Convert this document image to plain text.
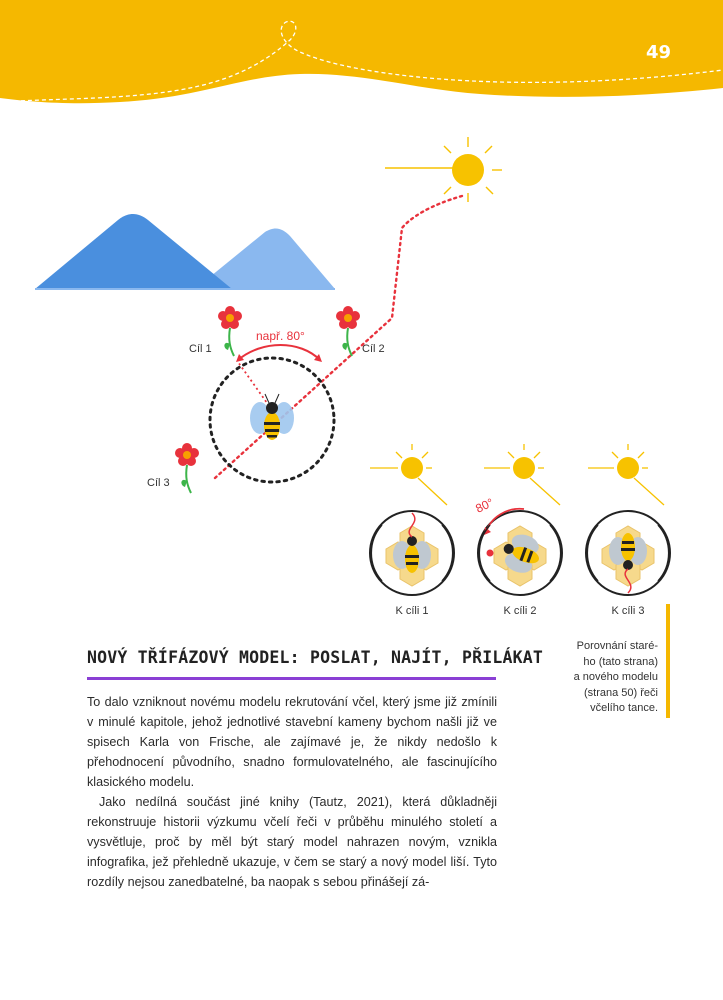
49
např. 80°
Cíl 1	Cíl 2
Cíl 3
80°
K cíli 1	K cíli 2	K cíli 3
Porovnání staré-
ho (tato strana)
a nového modelu
(strana 50) řeči
včelího tance.
NOVÝ TŘÍFÁZOVÝ MODEL: POSLAT, NAJÍT, PŘILÁKAT

To dalo vzniknout novému modelu rekrutování včel, který jsme již zmínili v minulé kapitole, jehož jednotlivé stavební kameny bychom našli již ve spisech Karla von Frische, ale zajímavé je, že nikdy nedošlo k přehodnocení původního, snadno formulovatelného, ale fascinujícího klasického modelu.

Jako nedílná součást jiné knihy (Tautz, 2021), která důkladněji rekonstruuje historii výzkumu včelí řeči v průběhu minulého století a vysvětluje, proč by měl být starý model nahrazen novým, vznikla infografika, jež přehledně ukazuje, v čem se starý a nový model liší. Tyto rozdíly nejsou zanedbatelné, ba naopak s sebou přinášejí zá-
